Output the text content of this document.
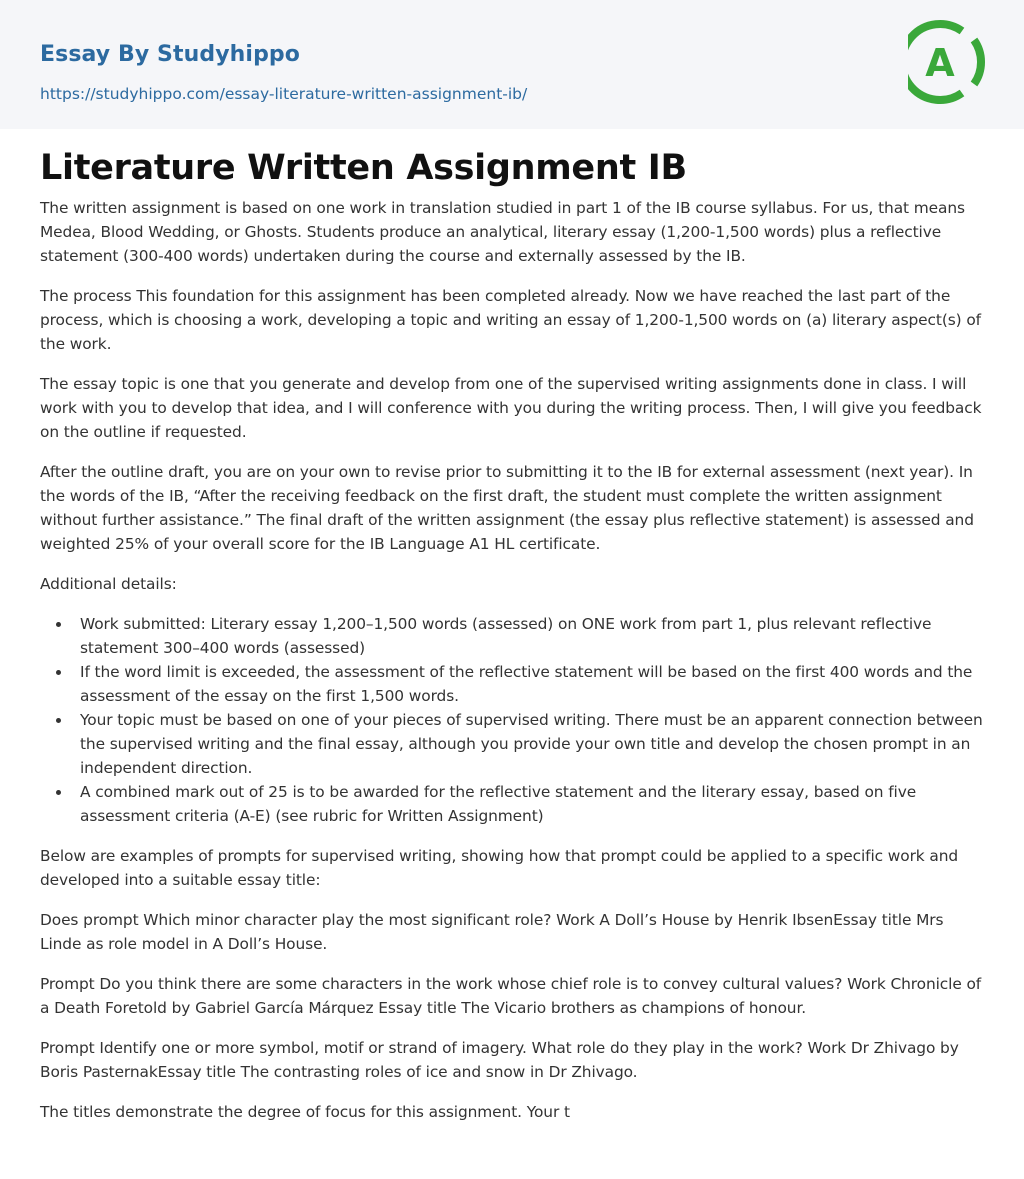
Essay By Studyhippo
https://studyhippo.com/essay-literature-written-assignment-ib/
A
Literature Written Assignment IB

The written assignment is based on one work in translation studied in part 1 of the IB course syllabus. For us, that means Medea, Blood Wedding, or Ghosts. Students produce an analytical, literary essay (1,200-1,500 words) plus a reflective statement (300-400 words) undertaken during the course and externally assessed by the IB.

The process This foundation for this assignment has been completed already. Now we have reached the last part of the process, which is choosing a work, developing a topic and writing an essay of 1,200-1,500 words on (a) literary aspect(s) of the work.

The essay topic is one that you generate and develop from one of the supervised writing assignments done in class. I will work with you to develop that idea, and I will conference with you during the writing process. Then, I will give you feedback on the outline if requested.

After the outline draft, you are on your own to revise prior to submitting it to the IB for external assessment (next year). In the words of the IB, “After the receiving feedback on the first draft, the student must complete the written assignment without further assistance.” The final draft of the written assignment (the essay plus reflective statement) is assessed and weighted 25% of your overall score for the IB Language A1 HL certificate.

Additional details:

Work submitted: Literary essay 1,200–1,500 words (assessed) on ONE work from part 1, plus relevant reflective statement 300–400 words (assessed)
If the word limit is exceeded, the assessment of the reflective statement will be based on the first 400 words and the assessment of the essay on the first 1,500 words.
Your topic must be based on one of your pieces of supervised writing. There must be an apparent connection between the supervised writing and the final essay, although you provide your own title and develop the chosen prompt in an independent direction.
A combined mark out of 25 is to be awarded for the reflective statement and the literary essay, based on five assessment criteria (A-E) (see rubric for Written Assignment)

Below are examples of prompts for supervised writing, showing how that prompt could be applied to a specific work and developed into a suitable essay title:

Does prompt Which minor character play the most significant role? Work A Doll’s House by Henrik IbsenEssay title Mrs Linde as role model in A Doll’s House.

Prompt Do you think there are some characters in the work whose chief role is to convey cultural values? Work Chronicle of a Death Foretold by Gabriel García Márquez Essay title The Vicario brothers as champions of honour.

Prompt Identify one or more symbol, motif or strand of imagery. What role do they play in the work? Work Dr Zhivago by Boris PasternakEssay title The contrasting roles of ice and snow in Dr Zhivago.

The titles demonstrate the degree of focus for this assignment. Your t
